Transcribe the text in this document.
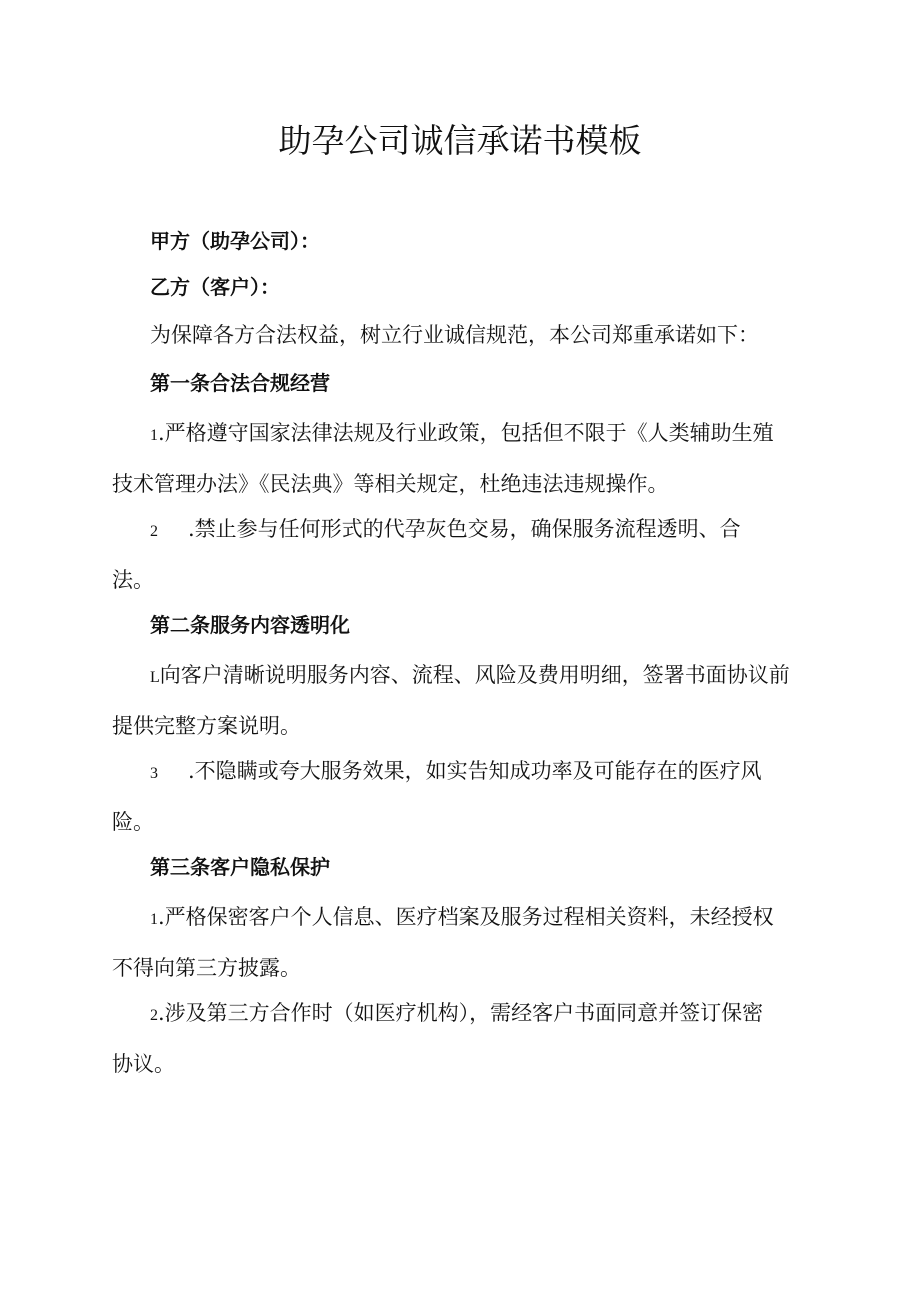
助孕公司诚信承诺书模板
甲方（助孕公司）：
乙方（客户）：
为保障各方合法权益，树立行业诚信规范，本公司郑重承诺如下：
第一条合法合规经营
1.严格遵守国家法律法规及行业政策，包括但不限于《人类辅助生殖
技术管理办法》《民法典》等相关规定，杜绝违法违规操作。
2 .禁止参与任何形式的代孕灰色交易，确保服务流程透明、合
法。
第二条服务内容透明化
L向客户清晰说明服务内容、流程、风险及费用明细，签署书面协议前
提供完整方案说明。
3 .不隐瞒或夸大服务效果，如实告知成功率及可能存在的医疗风
险。
第三条客户隐私保护
1.严格保密客户个人信息、医疗档案及服务过程相关资料，未经授权
不得向第三方披露。
2.涉及第三方合作时（如医疗机构），需经客户书面同意并签订保密
协议。
